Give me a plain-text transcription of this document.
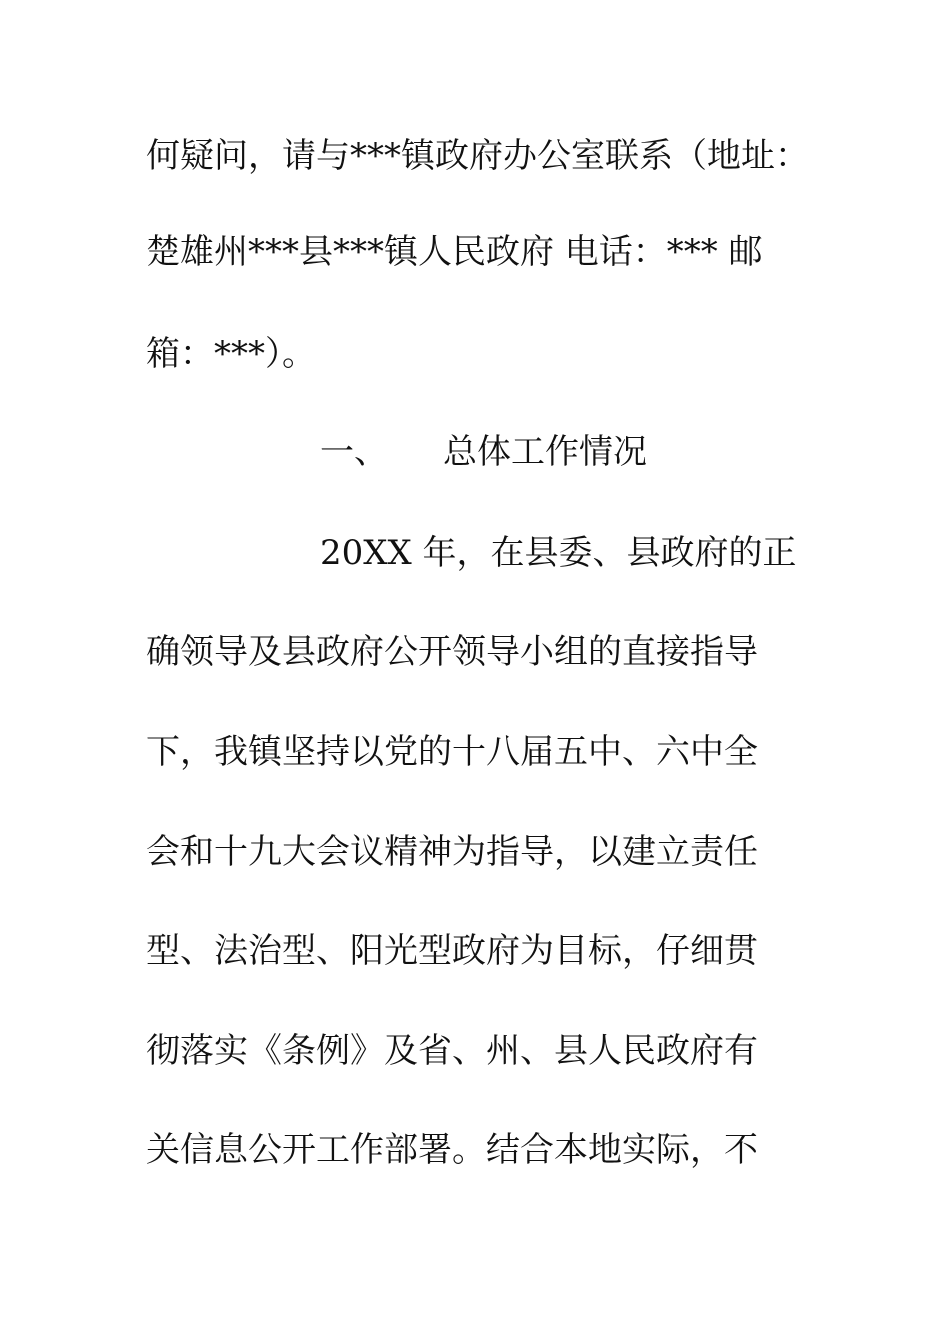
何疑问，请与***镇政府办公室联系（地址：

楚雄州***县***镇人民政府 电话：*** 邮

箱：***）。

一、 总体工作情况

20XX 年，在县委、县政府的正

确领导及县政府公开领导小组的直接指导

下，我镇坚持以党的十八届五中、六中全

会和十九大会议精神为指导，以建立责任

型、法治型、阳光型政府为目标，仔细贯

彻落实《条例》及省、州、县人民政府有

关信息公开工作部署。结合本地实际，不
